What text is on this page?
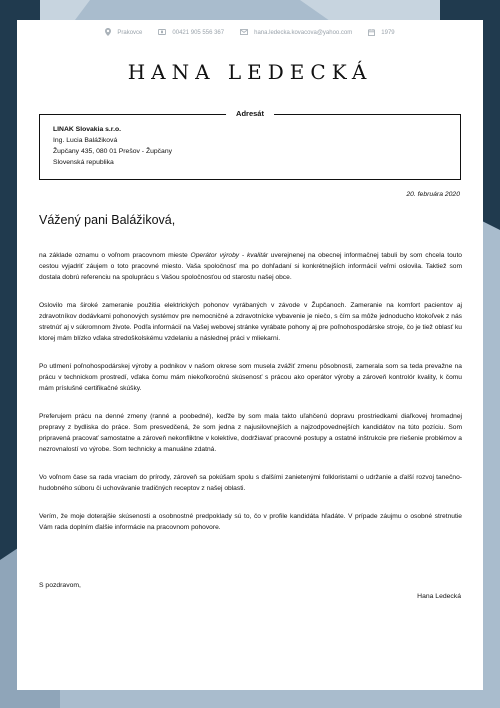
Prakovce	00421 905 556 367	hana.ledecka.kovacova@yahoo.com	1979
HANA LEDECKÁ
Adresát
LINAK Slovakia s.r.o.
Ing. Lucia Balážiková
Župčany 435, 080 01 Prešov - Župčany
Slovenská republika
20. februára 2020
Vážený pani Balážiková,

na základe oznamu o voľnom pracovnom mieste Operátor výroby - kvalitár uverejnenej na obecnej informačnej tabuli by som chcela touto cestou vyjadriť záujem o toto pracovné miesto. Vaša spoločnosť ma po dohľadaní si konkrétnejších informácií veľmi oslovila. Taktiež som dostala dobrú referenciu na spoluprácu s Vašou spoločnosťou od starostu našej obce.

Oslovilo ma široké zameranie použitia elektrických pohonov vyrábaných v závode v Župčanoch. Zameranie na komfort pacientov aj zdravotníkov dodávkami pohonových systémov pre nemocničné a zdravotnícke vybavenie je niečo, s čím sa môže jednoducho ktokoľvek z nás stretnúť aj v súkromnom živote. Podľa informácií na Vašej webovej stránke vyrábate pohony aj pre poľnohospodárske stroje, čo je tiež oblasť ku ktorej mám blízko vďaka stredoškolskému vzdelaniu a následnej práci v mliekarni.

Po utlmení poľnohospodárskej výroby a podnikov v našom okrese som musela zvážiť zmenu pôsobnosti, zamerala som sa teda prevažne na prácu v technickom prostredí, vďaka čomu mám niekoľkoročnú skúsenosť s prácou ako operátor výroby a zároveň kontrolór kvality, k čomu mám príslušné certifikačné skúšky.

Preferujem prácu na denné zmeny (ranné a poobedné), keďže by som mala takto uľahčenú dopravu prostriedkami diaľkovej hromadnej prepravy z bydliska do práce. Som presvedčená, že som jedna z najusilovnejších a najzodpovednejších kandidátov na túto pozíciu. Som pripravená pracovať samostatne a zároveň nekonfliktne v kolektíve, dodržiavať pracovné postupy a ostatné inštrukcie pre riešenie problémov a nezrovnalostí vo výrobe. Som technicky a manuálne zdatná.

Vo voľnom čase sa rada vraciam do prírody, zároveň sa pokúšam spolu s ďalšími zanietenými folkloristami o udržanie a ďalší rozvoj tanečno-hudobného súboru či uchovávanie tradičných receptov z našej oblasti.

Verím, že moje doterajšie skúsenosti a osobnostné predpoklady sú to, čo v profile kandidáta hľadáte. V prípade záujmu o osobné stretnutie Vám rada doplním ďalšie informácie na pracovnom pohovore.

S pozdravom,
Hana Ledecká
